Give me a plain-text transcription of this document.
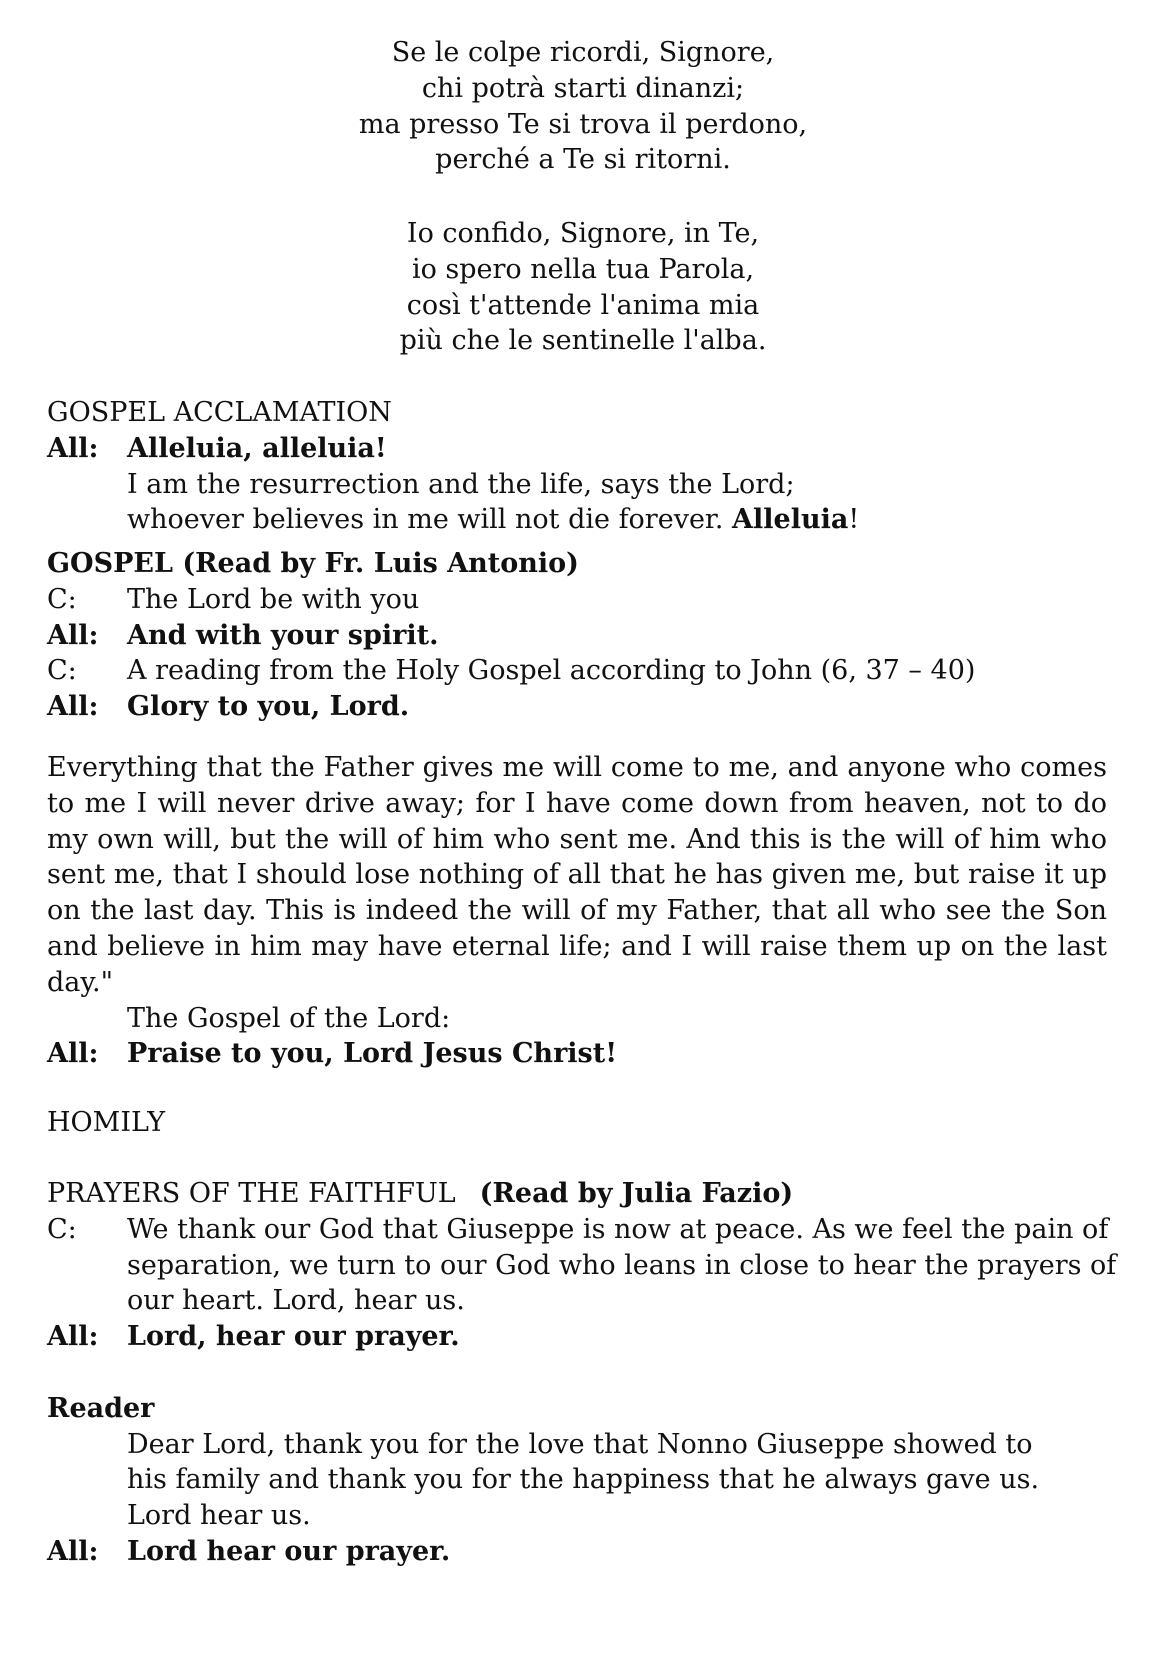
Se le colpe ricordi, Signore,
chi potrà starti dinanzi;
ma presso Te si trova il perdono,
perché a Te si ritorni.
Io confido, Signore, in Te,
io spero nella tua Parola,
così t'attende l'anima mia
più che le sentinelle l'alba.
GOSPEL ACCLAMATION
All:	Alleluia, alleluia!
I am the resurrection and the life, says the Lord;
whoever believes in me will not die forever. Alleluia!
GOSPEL (Read by Fr. Luis Antonio)
C:	The Lord be with you
All:	And with your spirit.
C:	A reading from the Holy Gospel according to John (6, 37 – 40)
All:	Glory to you, Lord.
Everything that the Father gives me will come to me, and anyone who comes to me I will never drive away; for I have come down from heaven, not to do my own will, but the will of him who sent me. And this is the will of him who sent me, that I should lose nothing of all that he has given me, but raise it up on the last day. This is indeed the will of my Father, that all who see the Son and believe in him may have eternal life; and I will raise them up on the last day."
The Gospel of the Lord:
All:	Praise to you, Lord Jesus Christ!
HOMILY
PRAYERS OF THE FAITHFUL (Read by Julia Fazio)
C:	We thank our God that Giuseppe is now at peace. As we feel the pain of separation, we turn to our God who leans in close to hear the prayers of our heart. Lord, hear us.
All:	Lord, hear our prayer.
Reader
Dear Lord, thank you for the love that Nonno Giuseppe showed to his family and thank you for the happiness that he always gave us. Lord hear us.
All:	Lord hear our prayer.
